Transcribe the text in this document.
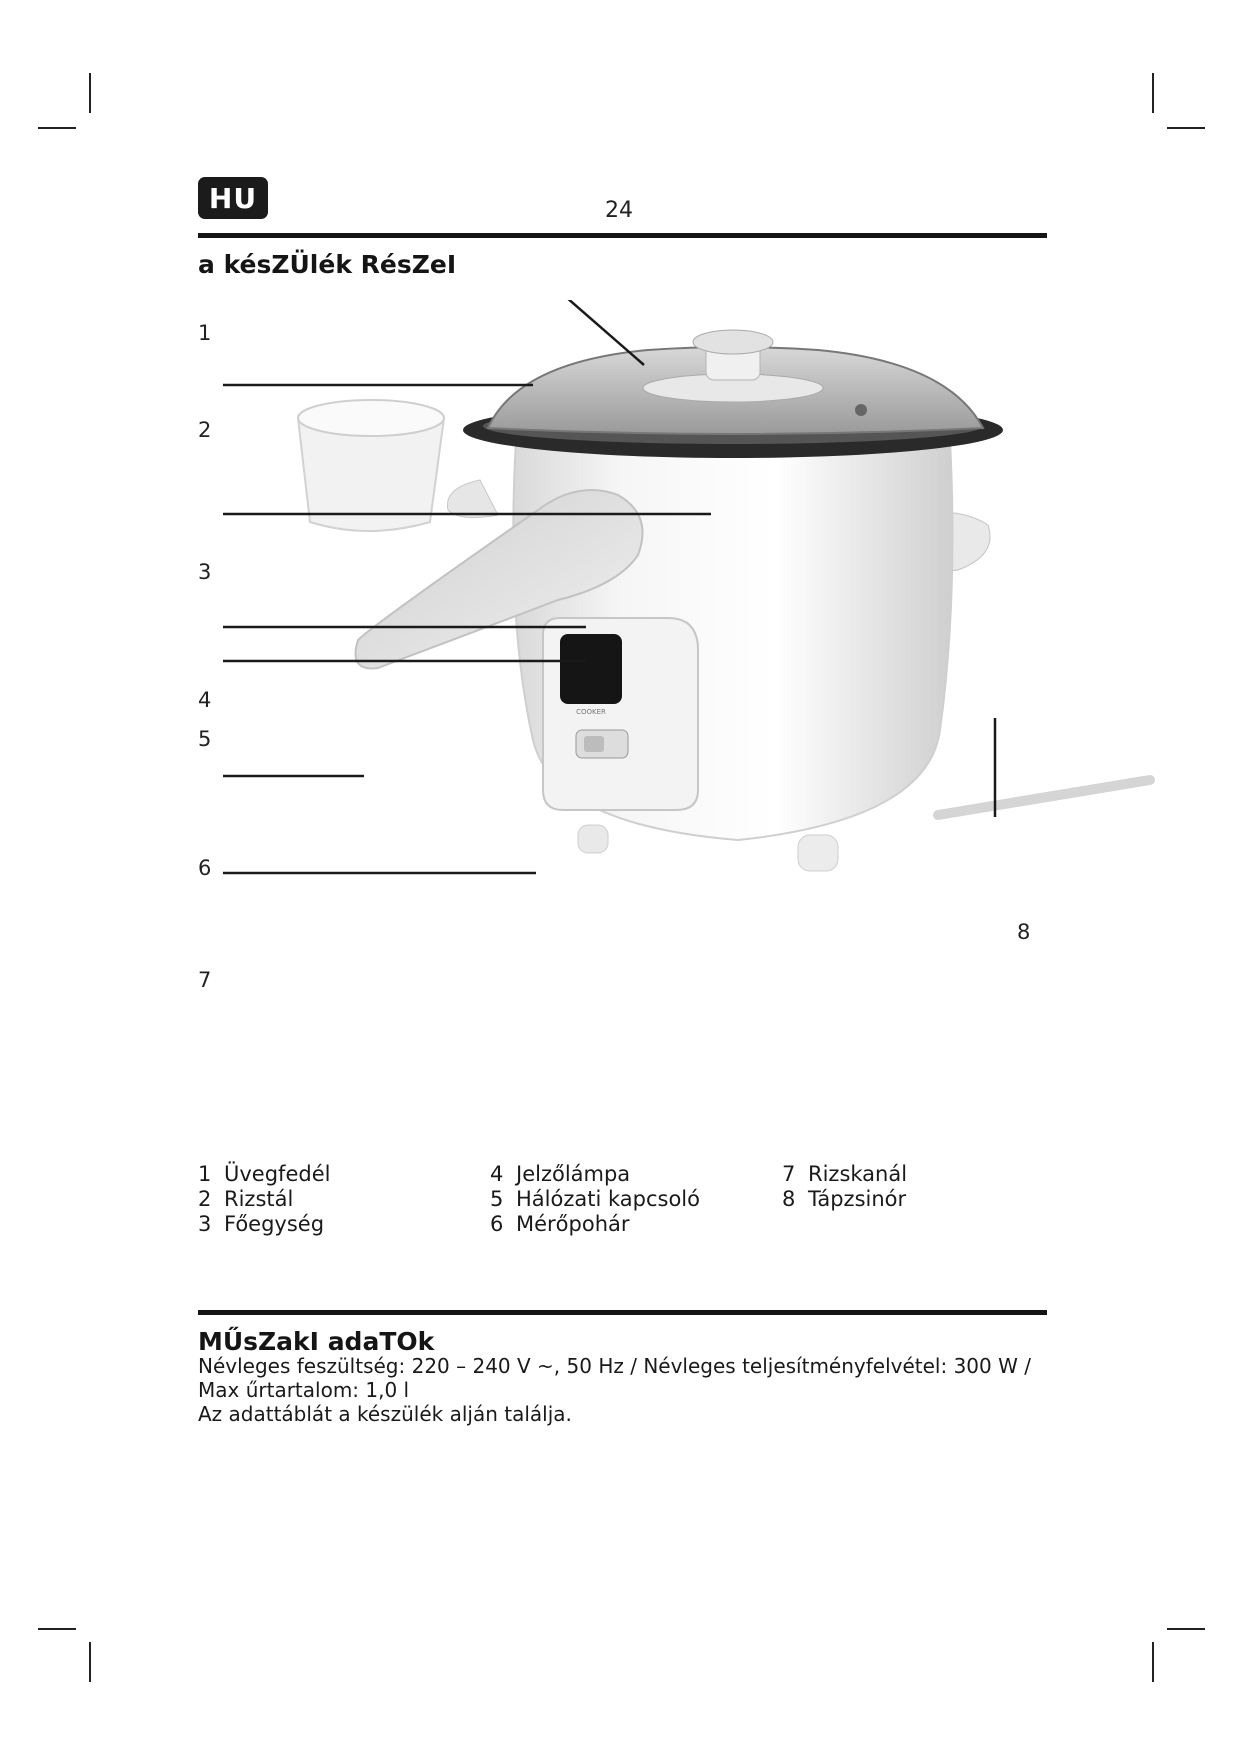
HU	24
a késZÜlék RésZeI
COOKER
1
2
3
4
5
6
7
8
1 Üvegfedél
2 Rizstál
3 Főegység
4 Jelzőlámpa
5 Hálózati kapcsoló
6 Mérőpohár
7 Rizskanál
8 Tápzsinór
MŰsZakI adaTOk
Névleges feszültség: 220 – 240 V ~, 50 Hz / Névleges teljesítményfelvétel: 300 W /
Max űrtartalom: 1,0 l
Az adattáblát a készülék alján találja.
